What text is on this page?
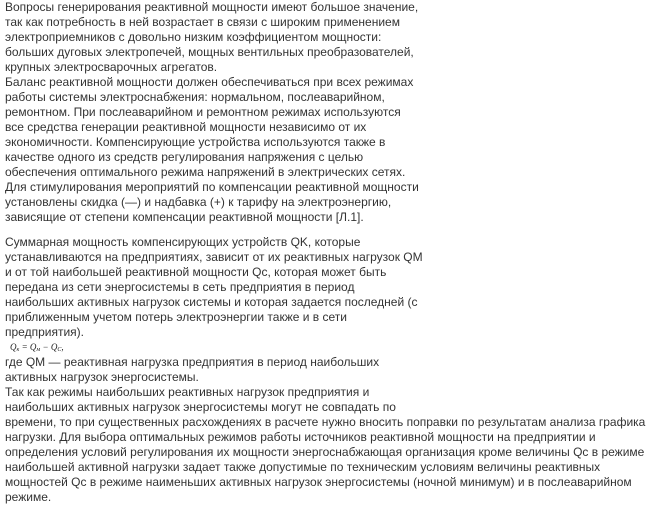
Вопросы генерирования реактивной мощности имеют большое значение,
так как потребность в ней возрастает в связи с широким применением
электроприемников с довольно низким коэффициентом мощности:
больших дуговых электропечей, мощных вентильных преобразователей,
крупных электросварочных агрегатов.
Баланс реактивной мощности должен обеспечиваться при всех режимах
работы системы электроснабжения: нормальном, послеаварийном,
ремонтном. При послеаварийном и ремонтном режимах используются
все средства генерации реактивной мощности независимо от их
экономичности. Компенсирующие устройства используются также в
качестве одного из средств регулирования напряжения с целью
обеспечения оптимального режима напряжений в электрических сетях.
Для стимулирования мероприятий по компенсации реактивной мощности
установлены скидка (—) и надбавка (+) к тарифу на электроэнергию,
зависящие от степени компенсации реактивной мощности [Л.1].
Суммарная мощность компенсирующих устройств QK, которые
устанавливаются на предприятиях, зависит от их реактивных нагрузок QM
и от той наибольшей реактивной мощности Qc, которая может быть
передана из сети энергосистемы в сеть предприятия в период
наибольших активных нагрузок системы и которая задается последней (с
приближенным учетом потерь электроэнергии также и в сети
предприятия).
$Q_к = Q_м - Q_C$,
где QM — реактивная нагрузка предприятия в период наибольших
активных нагрузок энергосистемы.
Так как режимы наибольших реактивных нагрузок предприятия и
наибольших активных нагрузок энергосистемы могут не совпадать по
времени, то при существенных расхождениях в расчете нужно вносить поправки по результатам анализа графика
нагрузки. Для выбора оптимальных режимов работы источников реактивной мощности на предприятии и
определения условий регулирования их мощности энергоснабжающая организация кроме величины Qc в режиме
наибольшей активной нагрузки задает также допустимые по техническим условиям величины реактивных
мощностей Qc в режиме наименьших активных нагрузок энергосистемы (ночной минимум) и в послеаварийном
режиме.
